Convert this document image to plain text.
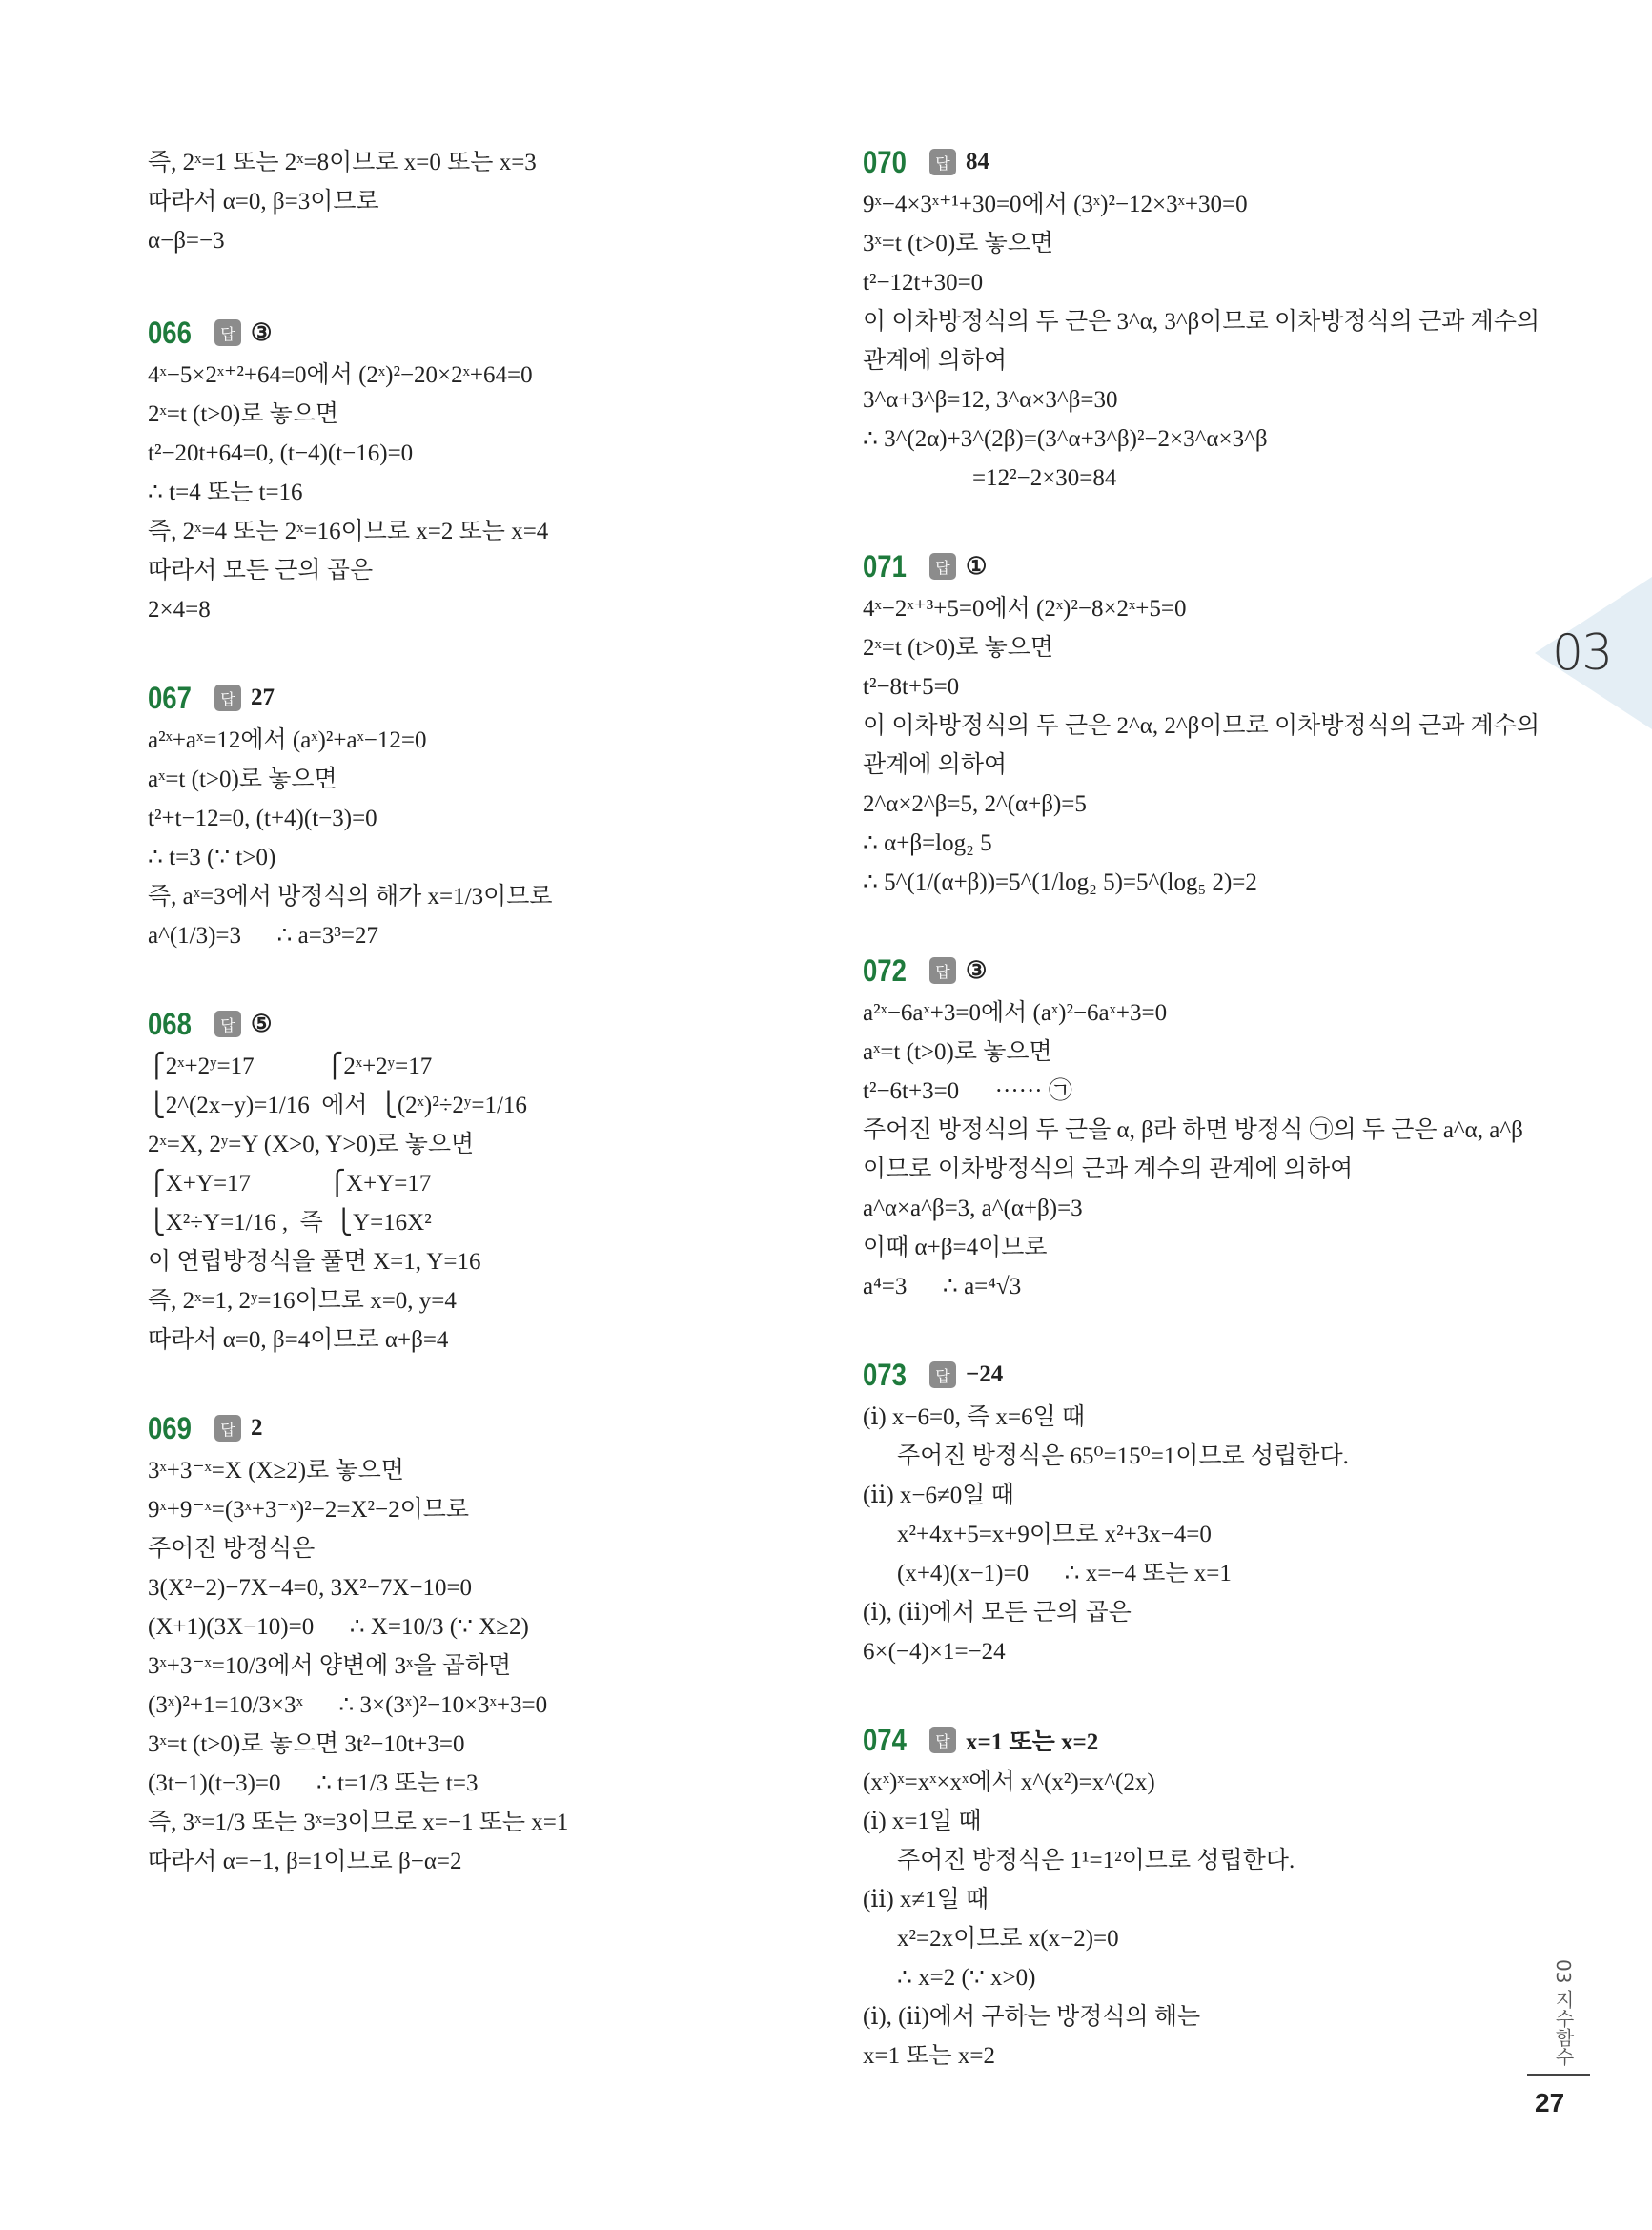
즉, 2ˣ=1 또는 2ˣ=8이므로 x=0 또는 x=3
따라서 α=0, β=3이므로
α−β=−3
066	답 ③
4ˣ−5×2ˣ⁺²+64=0에서 (2ˣ)²−20×2ˣ+64=0
2ˣ=t (t>0)로 놓으면
t²−20t+64=0, (t−4)(t−16)=0
∴ t=4 또는 t=16
즉, 2ˣ=4 또는 2ˣ=16이므로 x=2 또는 x=4
따라서 모든 근의 곱은
2×4=8
067	답 27
a²ˣ+aˣ=12에서 (aˣ)²+aˣ−12=0
aˣ=t (t>0)로 놓으면
t²+t−12=0, (t+4)(t−3)=0
∴ t=3 (∵ t>0)
즉, aˣ=3에서 방정식의 해가 x=1/3이므로
a^(1/3)=3      ∴ a=3³=27
068	답 ⑤
⎧2ˣ+2ʸ=17            ⎧2ˣ+2ʸ=17
⎩2^(2x−y)=1/16  에서  ⎩(2ˣ)²÷2ʸ=1/16
2ˣ=X, 2ʸ=Y (X>0, Y>0)로 놓으면
⎧X+Y=17             ⎧X+Y=17
⎩X²÷Y=1/16 ,  즉  ⎩Y=16X²
이 연립방정식을 풀면 X=1, Y=16
즉, 2ˣ=1, 2ʸ=16이므로 x=0, y=4
따라서 α=0, β=4이므로 α+β=4
069	답 2
3ˣ+3⁻ˣ=X (X≥2)로 놓으면
9ˣ+9⁻ˣ=(3ˣ+3⁻ˣ)²−2=X²−2이므로
주어진 방정식은
3(X²−2)−7X−4=0, 3X²−7X−10=0
(X+1)(3X−10)=0      ∴ X=10/3 (∵ X≥2)
3ˣ+3⁻ˣ=10/3에서 양변에 3ˣ을 곱하면
(3ˣ)²+1=10/3×3ˣ      ∴ 3×(3ˣ)²−10×3ˣ+3=0
3ˣ=t (t>0)로 놓으면 3t²−10t+3=0
(3t−1)(t−3)=0      ∴ t=1/3 또는 t=3
즉, 3ˣ=1/3 또는 3ˣ=3이므로 x=−1 또는 x=1
따라서 α=−1, β=1이므로 β−α=2
070	답 84
9ˣ−4×3ˣ⁺¹+30=0에서 (3ˣ)²−12×3ˣ+30=0
3ˣ=t (t>0)로 놓으면
t²−12t+30=0
이 이차방정식의 두 근은 3^α, 3^β이므로 이차방정식의 근과 계수의
관계에 의하여
3^α+3^β=12, 3^α×3^β=30
∴ 3^(2α)+3^(2β)=(3^α+3^β)²−2×3^α×3^β
=12²−2×30=84
071	답 ①
4ˣ−2ˣ⁺³+5=0에서 (2ˣ)²−8×2ˣ+5=0
2ˣ=t (t>0)로 놓으면
t²−8t+5=0
이 이차방정식의 두 근은 2^α, 2^β이므로 이차방정식의 근과 계수의
관계에 의하여
2^α×2^β=5, 2^(α+β)=5
∴ α+β=log₂ 5
∴ 5^(1/(α+β))=5^(1/log₂ 5)=5^(log₅ 2)=2
072	답 ③
a²ˣ−6aˣ+3=0에서 (aˣ)²−6aˣ+3=0
aˣ=t (t>0)로 놓으면
t²−6t+3=0      ······ ㉠
주어진 방정식의 두 근을 α, β라 하면 방정식 ㉠의 두 근은 a^α, a^β
이므로 이차방정식의 근과 계수의 관계에 의하여
a^α×a^β=3, a^(α+β)=3
이때 α+β=4이므로
a⁴=3      ∴ a=⁴√3
073	답 −24
(ⅰ) x−6=0, 즉 x=6일 때
주어진 방정식은 65⁰=15⁰=1이므로 성립한다.
(ⅱ) x−6≠0일 때
x²+4x+5=x+9이므로 x²+3x−4=0
(x+4)(x−1)=0      ∴ x=−4 또는 x=1
(ⅰ), (ⅱ)에서 모든 근의 곱은
6×(−4)×1=−24
074	답 x=1 또는 x=2
(xˣ)ˣ=xˣ×xˣ에서 x^(x²)=x^(2x)
(ⅰ) x=1일 때
주어진 방정식은 1¹=1²이므로 성립한다.
(ⅱ) x≠1일 때
x²=2x이므로 x(x−2)=0
∴ x=2 (∵ x>0)
(ⅰ), (ⅱ)에서 구하는 방정식의 해는
x=1 또는 x=2
03
03 지수함수
27
